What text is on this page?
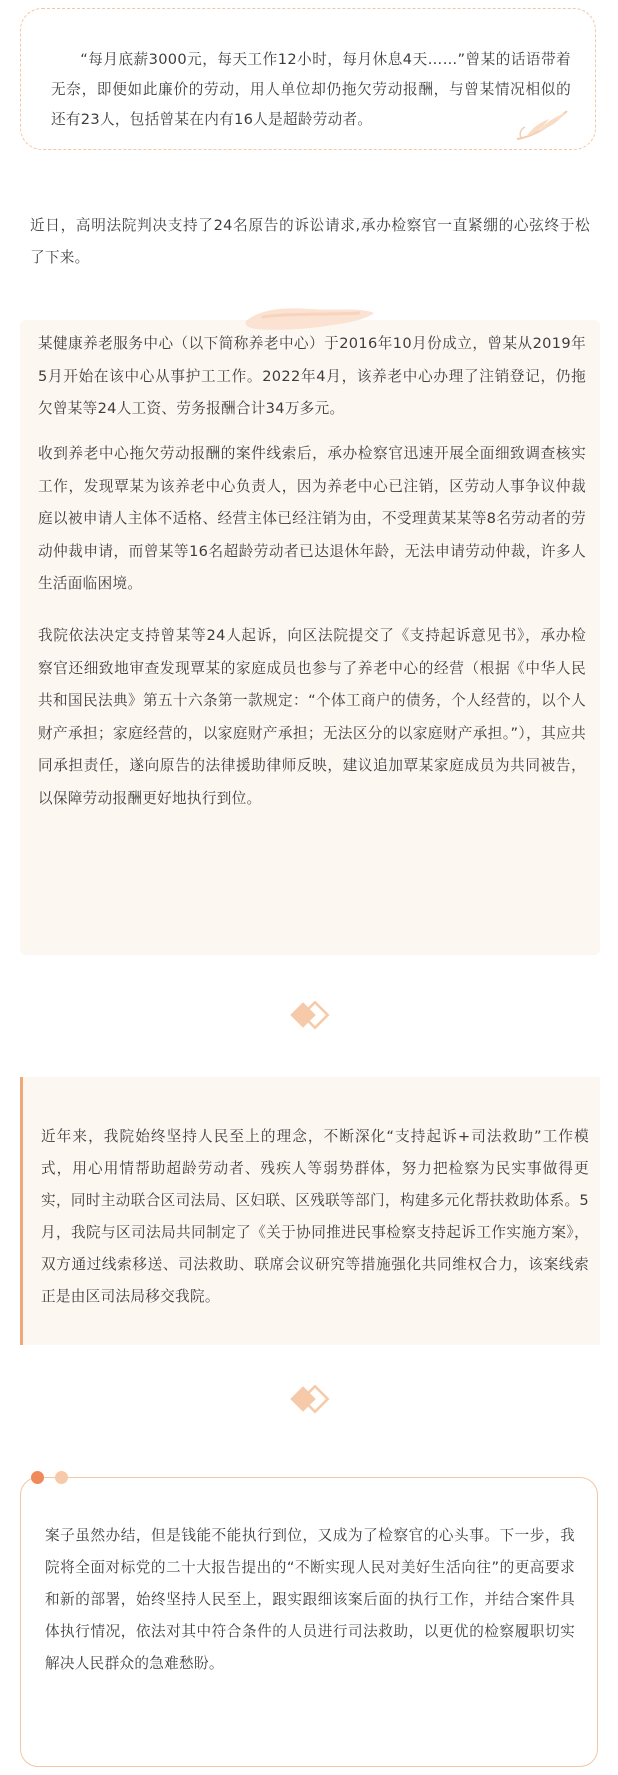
“每月底薪3000元，每天工作12小时，每月休息4天……”曾某的话语带着无奈，即便如此廉价的劳动，用人单位却仍拖欠劳动报酬，与曾某情况相似的还有23人，包括曾某在内有16人是超龄劳动者。
近日，高明法院判决支持了24名原告的诉讼请求,承办检察官一直紧绷的心弦终于松了下来。

某健康养老服务中心（以下简称养老中心）于2016年10月份成立，曾某从2019年5月开始在该中心从事护工工作。2022年4月，该养老中心办理了注销登记，仍拖欠曾某等24人工资、劳务报酬合计34万多元。

收到养老中心拖欠劳动报酬的案件线索后，承办检察官迅速开展全面细致调查核实工作，发现覃某为该养老中心负责人，因为养老中心已注销，区劳动人事争议仲裁庭以被申请人主体不适格、经营主体已经注销为由，不受理黄某某等8名劳动者的劳动仲裁申请，而曾某等16名超龄劳动者已达退休年龄，无法申请劳动仲裁，许多人生活面临困境。

我院依法决定支持曾某等24人起诉，向区法院提交了《支持起诉意见书》，承办检察官还细致地审查发现覃某的家庭成员也参与了养老中心的经营（根据《中华人民共和国民法典》第五十六条第一款规定：“个体工商户的债务，个人经营的，以个人财产承担；家庭经营的，以家庭财产承担；无法区分的以家庭财产承担。”），其应共同承担责任，遂向原告的法律援助律师反映，建议追加覃某家庭成员为共同被告，以保障劳动报酬更好地执行到位。

近年来，我院始终坚持人民至上的理念，不断深化“支持起诉+司法救助”工作模式，用心用情帮助超龄劳动者、残疾人等弱势群体，努力把检察为民实事做得更实，同时主动联合区司法局、区妇联、区残联等部门，构建多元化帮扶救助体系。5月，我院与区司法局共同制定了《关于协同推进民事检察支持起诉工作实施方案》，双方通过线索移送、司法救助、联席会议研究等措施强化共同维权合力，该案线索正是由区司法局移交我院。

案子虽然办结，但是钱能不能执行到位，又成为了检察官的心头事。下一步，我院将全面对标党的二十大报告提出的“不断实现人民对美好生活向往”的更高要求和新的部署，始终坚持人民至上，跟实跟细该案后面的执行工作，并结合案件具体执行情况，依法对其中符合条件的人员进行司法救助，以更优的检察履职切实解决人民群众的急难愁盼。
